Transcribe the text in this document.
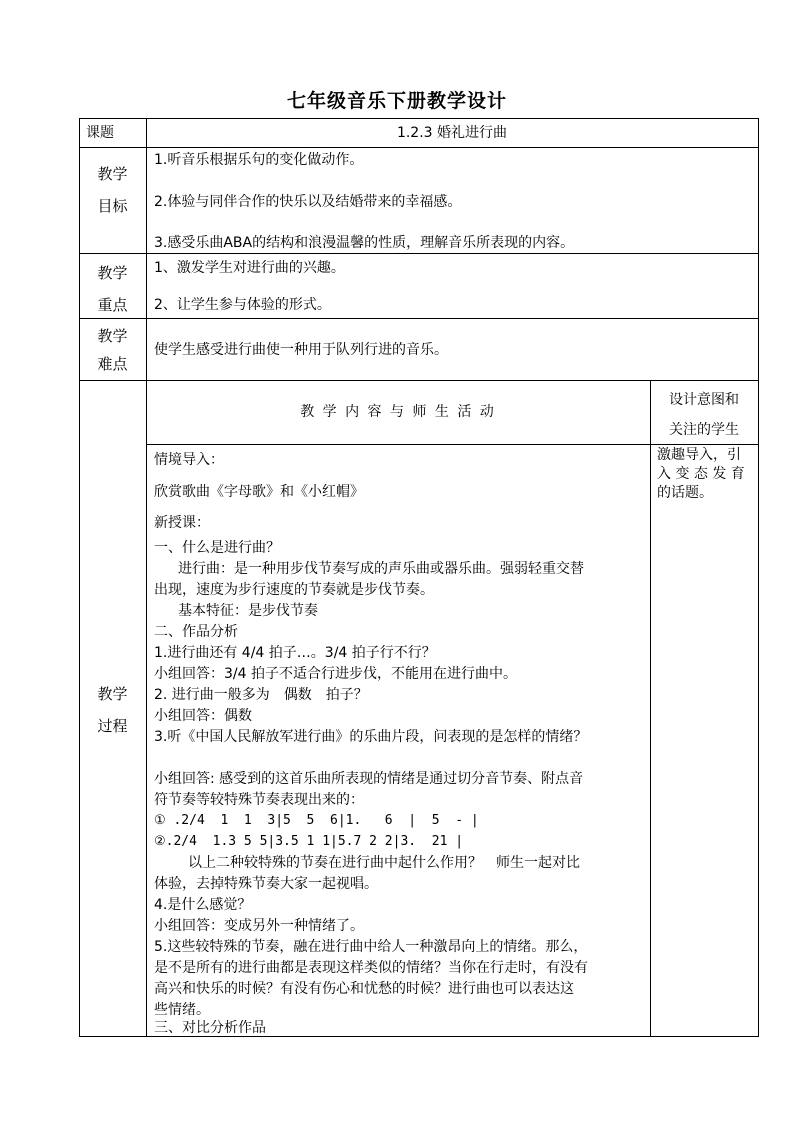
七年级音乐下册教学设计
课题	1.2.3 婚礼进行曲
教学
目标

1.听音乐根据乐句的变化做动作。

2.体验与同伴合作的快乐以及结婚带来的幸福感。

3.感受乐曲ABA的结构和浪漫温馨的性质，理解音乐所表现的内容。

教学
重点

1、激发学生对进行曲的兴趣。

2、让学生参与体验的形式。

教学
难点
使学生感受进行曲使一种用于队列行进的音乐。
教学
过程
教 学 内 容 与 师 生 活 动
设计意图和
关注的学生
激趣导入，引
入 变 态 发 育
的话题。

情境导入：

欣赏歌曲《字母歌》和《小红帽》

新授课：

一、什么是进行曲？

进行曲：是一种用步伐节奏写成的声乐曲或器乐曲。强弱轻重交替

出现，速度为步行速度的节奏就是步伐节奏。

基本特征：是步伐节奏

二、作品分析

1.进行曲还有 4/4 拍子…。3/4 拍子行不行？

小组回答：3/4 拍子不适合行进步伐，不能用在进行曲中。

2. 进行曲一般多为　偶数　拍子？

小组回答：偶数

3.听《中国人民解放军进行曲》的乐曲片段，问表现的是怎样的情绪？

小组回答: 感受到的这首乐曲所表现的情绪是通过切分音节奏、附点音

符节奏等较特殊节奏表现出来的：

① .2/4  1  1  3|5  5  6|1.   6  |  5  - |

②.2/4  1.3 5 5|3.5 1 1|5.7 2 2|3.  21 |

以上二种较特殊的节奏在进行曲中起什么作用？　师生一起对比

体验，去掉特殊节奏大家一起视唱。

4.是什么感觉？

小组回答：变成另外一种情绪了。

5.这些较特殊的节奏，融在进行曲中给人一种激昂向上的情绪。那么，

是不是所有的进行曲都是表现这样类似的情绪？当你在行走时，有没有

高兴和快乐的时候？有没有伤心和忧愁的时候？进行曲也可以表达这

些情绪。

三、对比分析作品
